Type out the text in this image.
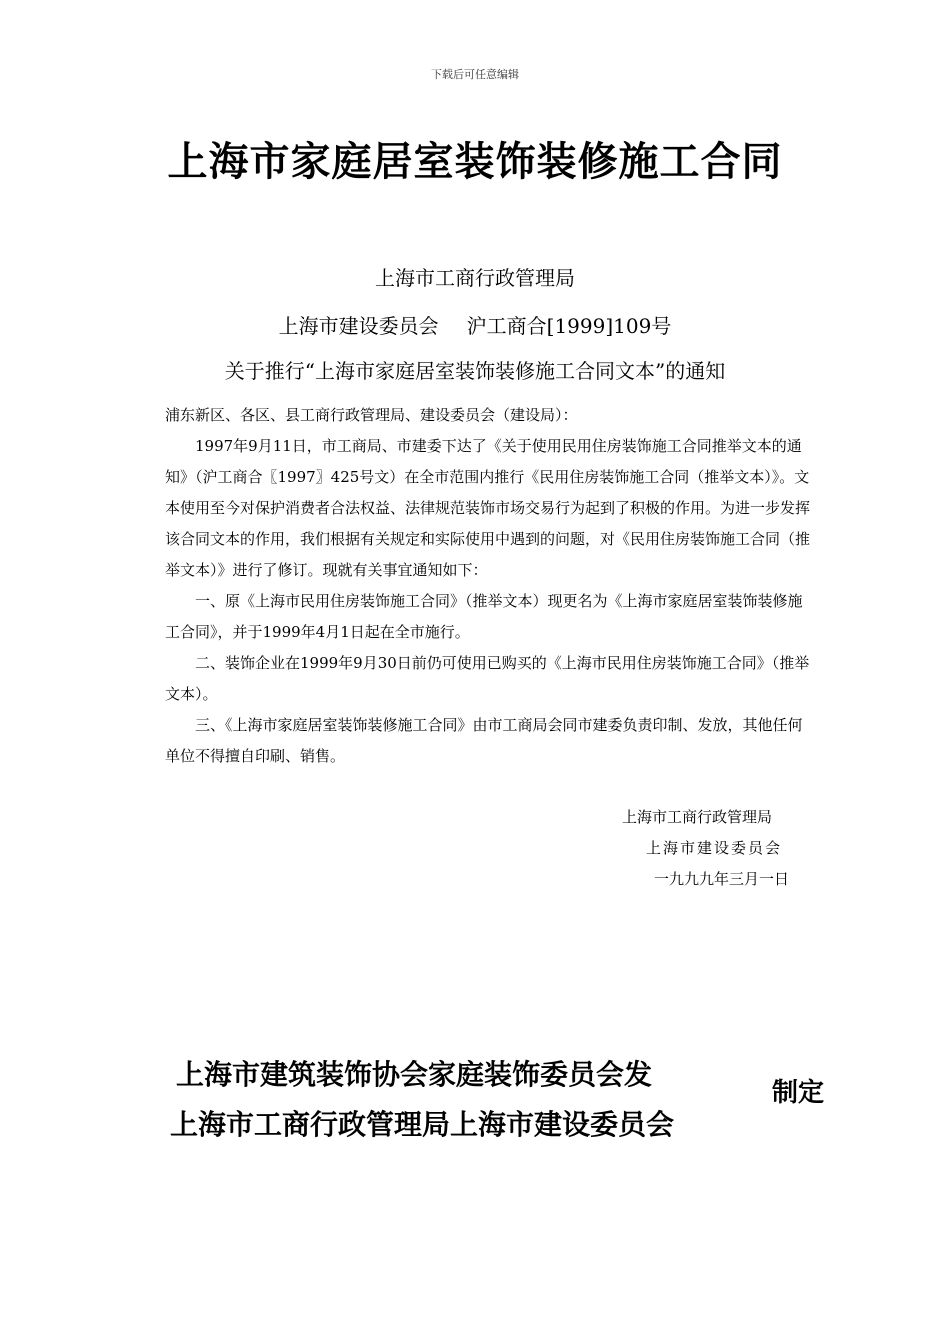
下载后可任意编辑
上海市家庭居室装饰装修施工合同
上海市工商行政管理局
上海市建设委员会 沪工商合[1999]109号
关于推行“上海市家庭居室装饰装修施工合同文本”的通知

浦东新区、各区、县工商行政管理局、建设委员会（建设局）：

1997年9月11日，市工商局、市建委下达了《关于使用民用住房装饰施工合同推举文本的通知》（沪工商合〖1997〗425号文）在全市范围内推行《民用住房装饰施工合同（推举文本）》。文本使用至今对保护消费者合法权益、法律规范装饰市场交易行为起到了积极的作用。为进一步发挥该合同文本的作用，我们根据有关规定和实际使用中遇到的问题，对《民用住房装饰施工合同（推举文本）》进行了修订。现就有关事宜通知如下：

一、原《上海市民用住房装饰施工合同》（推举文本）现更名为《上海市家庭居室装饰装修施工合同》，并于1999年4月1日起在全市施行。

二、装饰企业在1999年9月30日前仍可使用已购买的《上海市民用住房装饰施工合同》（推举文本）。

三、《上海市家庭居室装饰装修施工合同》由市工商局会同市建委负责印制、发放，其他任何单位不得擅自印刷、销售。

上海市工商行政管理局
上海市建设委员会
一九九九年三月一日
上海市建筑装饰协会家庭装饰委员会发
上海市工商行政管理局上海市建设委员会
制定
